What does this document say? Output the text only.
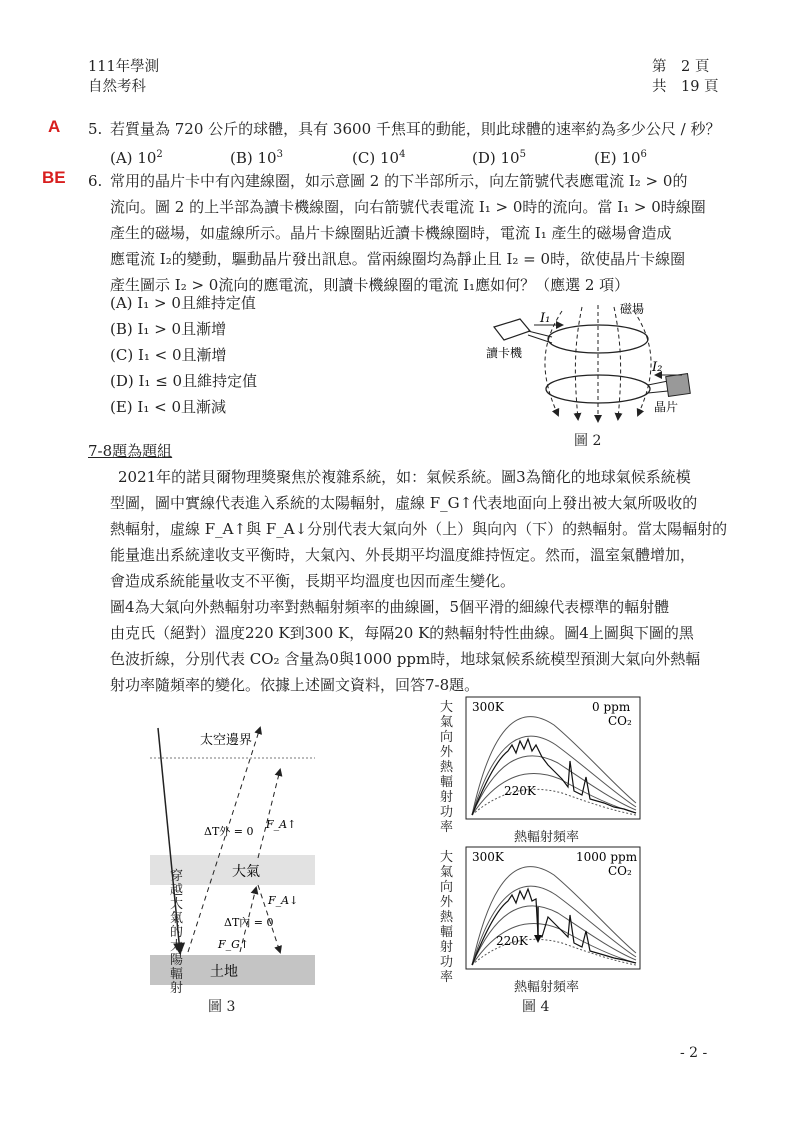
111年學測
自然考科
第　2 頁
共　19 頁
A 5. 若質量為 720 公斤的球體，具有 3600 千焦耳的動能，則此球體的速率約為多少公尺 / 秒？
(A) $10^2$	(B) $10^3$	(C) $10^4$	(D) $10^5$	(E) $10^6$
BE 6. 常用的晶片卡中有內建線圈，如示意圖 2 的下半部所示，向左箭號代表應電流 I₂ > 0的
流向。圖 2 的上半部為讀卡機線圈，向右箭號代表電流 I₁ > 0時的流向。當 I₁ > 0時線圈
產生的磁場，如虛線所示。晶片卡線圈貼近讀卡機線圈時，電流 I₁ 產生的磁場會造成
應電流 I₂的變動，驅動晶片發出訊息。當兩線圈均為靜止且 I₂ = 0時，欲使晶片卡線圈
產生圖示 I₂ > 0流向的應電流，則讀卡機線圈的電流 I₁應如何？（應選 2 項）
(A) I₁ > 0且維持定值
(B) I₁ > 0且漸增
(C) I₁ < 0且漸增
(D) I₁ ≤ 0且維持定值
(E) I₁ < 0且漸減
I₁
I₂
磁場
讀卡機
晶片
圖 2
7-8題為題組
2021年的諾貝爾物理獎聚焦於複雜系統，如：氣候系統。圖3為簡化的地球氣候系統模
型圖，圖中實線代表進入系統的太陽輻射，虛線 F_G↑代表地面向上發出被大氣所吸收的
熱輻射，虛線 F_A↑與 F_A↓分別代表大氣向外（上）與向內（下）的熱輻射。當太陽輻射的
能量進出系統達收支平衡時，大氣內、外長期平均溫度維持恆定。然而，溫室氣體增加，
會造成系統能量收支不平衡，長期平均溫度也因而產生變化。
圖4為大氣向外熱輻射功率對熱輻射頻率的曲線圖，5個平滑的細線代表標準的輻射體
由克氏（絕對）溫度220 K到300 K，每隔20 K的熱輻射特性曲線。圖4上圖與下圖的黑
色波折線，分別代表 CO₂ 含量為0與1000 ppm時，地球氣候系統模型預測大氣向外熱輻
射功率隨頻率的變化。依據上述圖文資料，回答7-8題。
太空邊界
大氣
土地
ΔT外 = 0
ΔT內 = 0
F_A↑
F_A↓
F_G↑
穿越大氣的太陽輻射
圖 3
大氣向外熱輻射功率
大氣向外熱輻射功率
300K
220K
0 ppm
CO₂
熱輻射頻率
300K
220K
1000 ppm
CO₂
熱輻射頻率
圖 4
- 2 -
